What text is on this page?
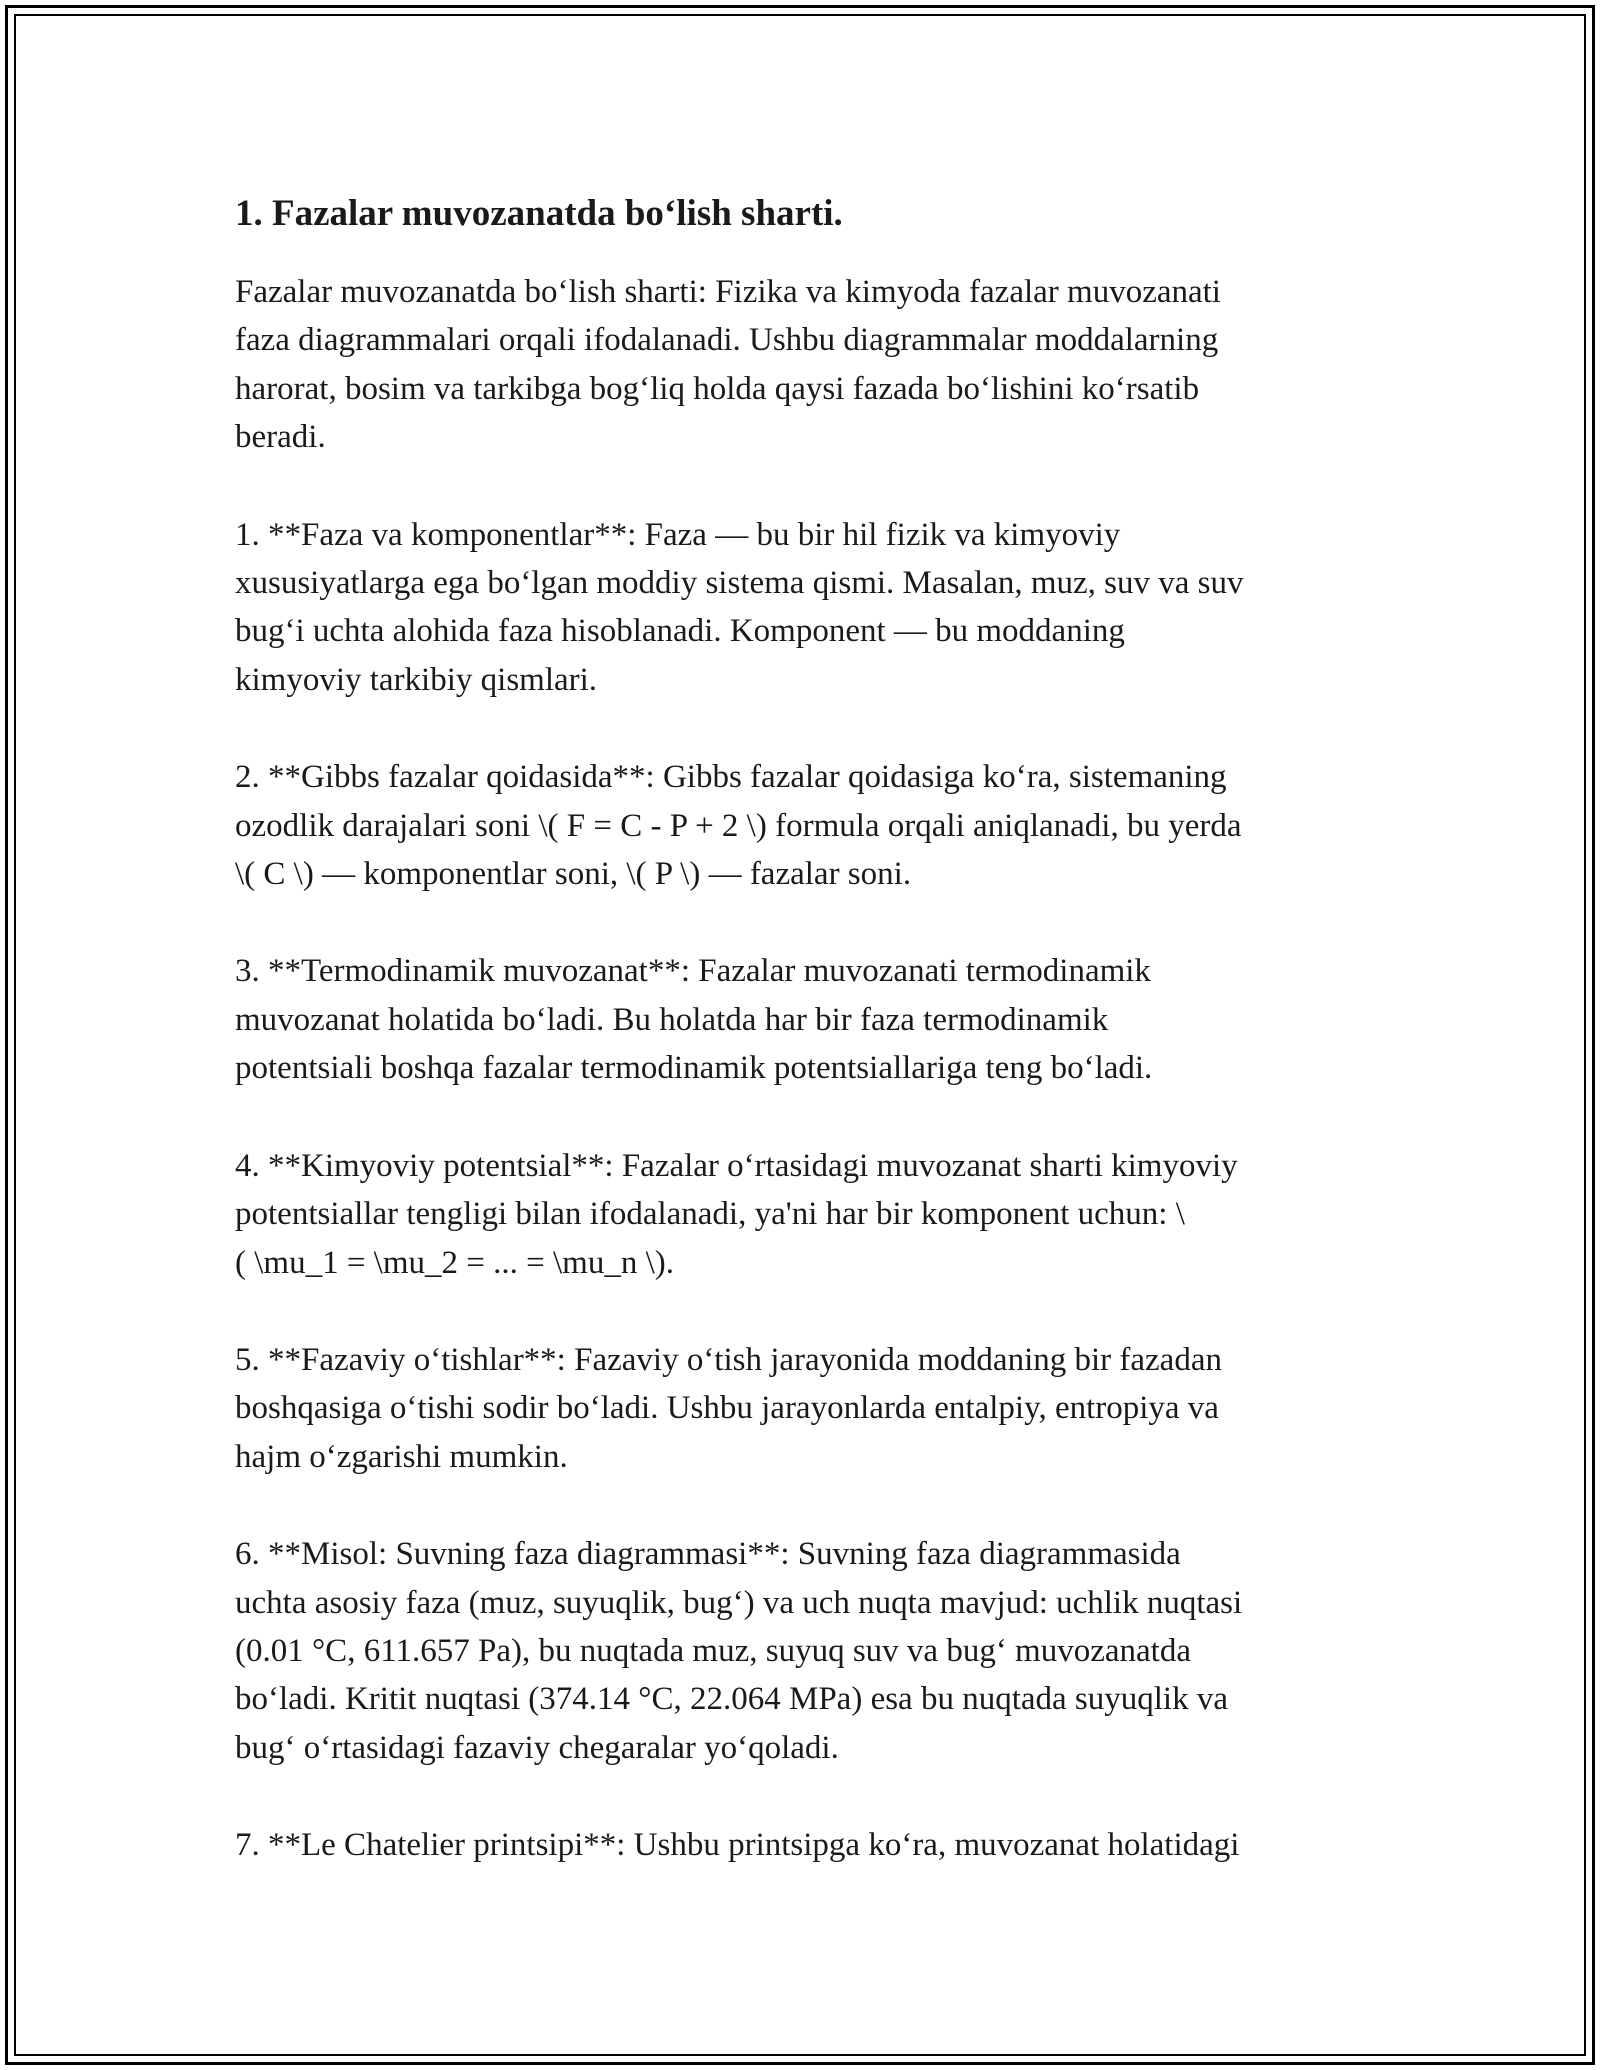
1. Fazalar muvozanatda bo‘lish sharti.

Fazalar muvozanatda bo‘lish sharti: Fizika va kimyoda fazalar muvozanati
faza diagrammalari orqali ifodalanadi. Ushbu diagrammalar moddalarning
harorat, bosim va tarkibga bog‘liq holda qaysi fazada bo‘lishini ko‘rsatib
beradi.

1. **Faza va komponentlar**: Faza — bu bir hil fizik va kimyoviy
xususiyatlarga ega bo‘lgan moddiy sistema qismi. Masalan, muz, suv va suv
bug‘i uchta alohida faza hisoblanadi. Komponent — bu moddaning
kimyoviy tarkibiy qismlari.

2. **Gibbs fazalar qoidasida**: Gibbs fazalar qoidasiga ko‘ra, sistemaning
ozodlik darajalari soni \( F = C - P + 2 \) formula orqali aniqlanadi, bu yerda
\( C \) — komponentlar soni, \( P \) — fazalar soni.

3. **Termodinamik muvozanat**: Fazalar muvozanati termodinamik
muvozanat holatida bo‘ladi. Bu holatda har bir faza termodinamik
potentsiali boshqa fazalar termodinamik potentsiallariga teng bo‘ladi.

4. **Kimyoviy potentsial**: Fazalar o‘rtasidagi muvozanat sharti kimyoviy
potentsiallar tengligi bilan ifodalanadi, ya'ni har bir komponent uchun: \
( \mu_1 = \mu_2 = ... = \mu_n \).

5. **Fazaviy o‘tishlar**: Fazaviy o‘tish jarayonida moddaning bir fazadan
boshqasiga o‘tishi sodir bo‘ladi. Ushbu jarayonlarda entalpiy, entropiya va
hajm o‘zgarishi mumkin.

6. **Misol: Suvning faza diagrammasi**: Suvning faza diagrammasida
uchta asosiy faza (muz, suyuqlik, bug‘) va uch nuqta mavjud: uchlik nuqtasi
(0.01 °C, 611.657 Pa), bu nuqtada muz, suyuq suv va bug‘ muvozanatda
bo‘ladi. Kritit nuqtasi (374.14 °C, 22.064 MPa) esa bu nuqtada suyuqlik va
bug‘ o‘rtasidagi fazaviy chegaralar yo‘qoladi.

7. **Le Chatelier printsipi**: Ushbu printsipga ko‘ra, muvozanat holatidagi
